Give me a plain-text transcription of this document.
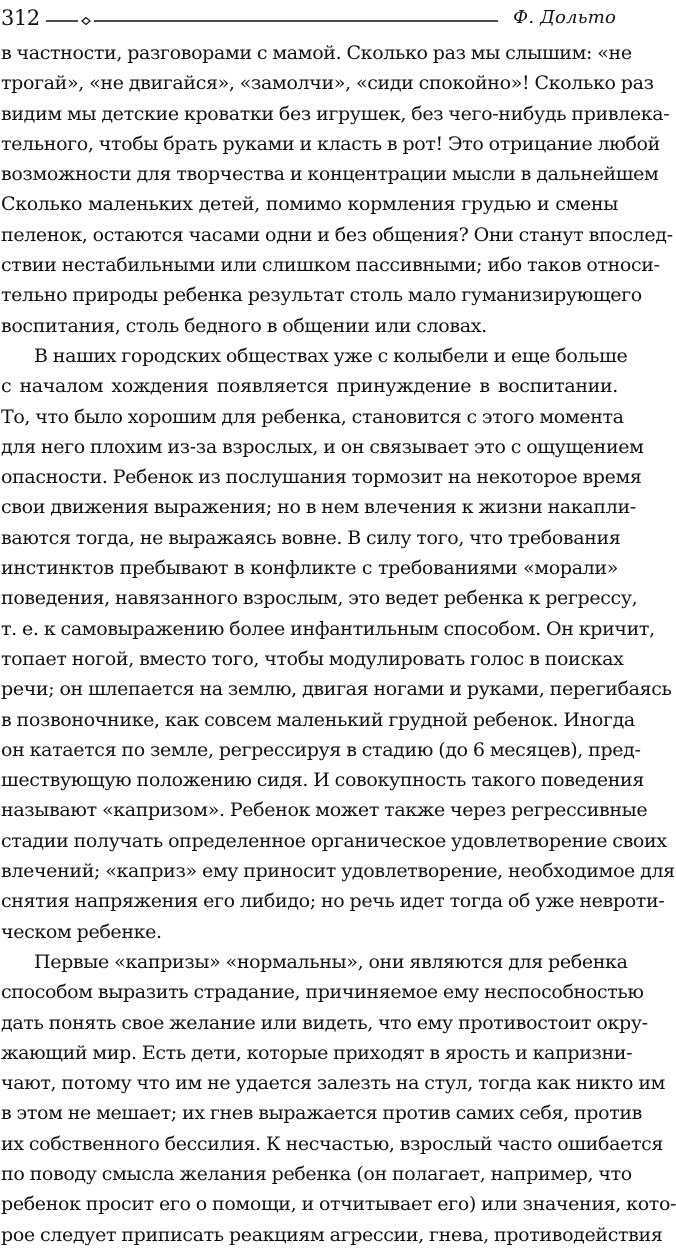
312	Ф. Дольто
в частности, разговорами с мамой. Сколько раз мы слышим: «не
трогай», «не двигайся», «замолчи», «сиди спокойно»! Сколько раз
видим мы детские кроватки без игрушек, без чего-нибудь привлека-
тельного, чтобы брать руками и класть в рот! Это отрицание любой
возможности для творчества и концентрации мысли в дальнейшем
Сколько маленьких детей, помимо кормления грудью и смены
пеленок, остаются часами одни и без общения? Они станут впослед-
ствии нестабильными или слишком пассивными; ибо таков относи-
тельно природы ребенка результат столь мало гуманизирующего
воспитания, столь бедного в общении или словах.
В наших городских обществах уже с колыбели и еще больше
с началом хождения появляется принуждение в воспитании.
То, что было хорошим для ребенка, становится с этого момента
для него плохим из-за взрослых, и он связывает это с ощущением
опасности. Ребенок из послушания тормозит на некоторое время
свои движения выражения; но в нем влечения к жизни накапли-
ваются тогда, не выражаясь вовне. В силу того, что требования
инстинктов пребывают в конфликте с требованиями «морали»
поведения, навязанного взрослым, это ведет ребенка к регрессу,
т. е. к самовыражению более инфантильным способом. Он кричит,
топает ногой, вместо того, чтобы модулировать голос в поисках
речи; он шлепается на землю, двигая ногами и руками, перегибаясь
в позвоночнике, как совсем маленький грудной ребенок. Иногда
он катается по земле, регрессируя в стадию (до 6 месяцев), пред-
шествующую положению сидя. И совокупность такого поведения
называют «капризом». Ребенок может также через регрессивные
стадии получать определенное органическое удовлетворение своих
влечений; «каприз» ему приносит удовлетворение, необходимое для
снятия напряжения его либидо; но речь идет тогда об уже невроти-
ческом ребенке.
Первые «капризы» «нормальны», они являются для ребенка
способом выразить страдание, причиняемое ему неспособностью
дать понять свое желание или видеть, что ему противостоит окру-
жающий мир. Есть дети, которые приходят в ярость и капризни-
чают, потому что им не удается залезть на стул, тогда как никто им
в этом не мешает; их гнев выражается против самих себя, против
их собственного бессилия. К несчастью, взрослый часто ошибается
по поводу смысла желания ребенка (он полагает, например, что
ребенок просит его о помощи, и отчитывает его) или значения, кото-
рое следует приписать реакциям агрессии, гнева, противодействия
